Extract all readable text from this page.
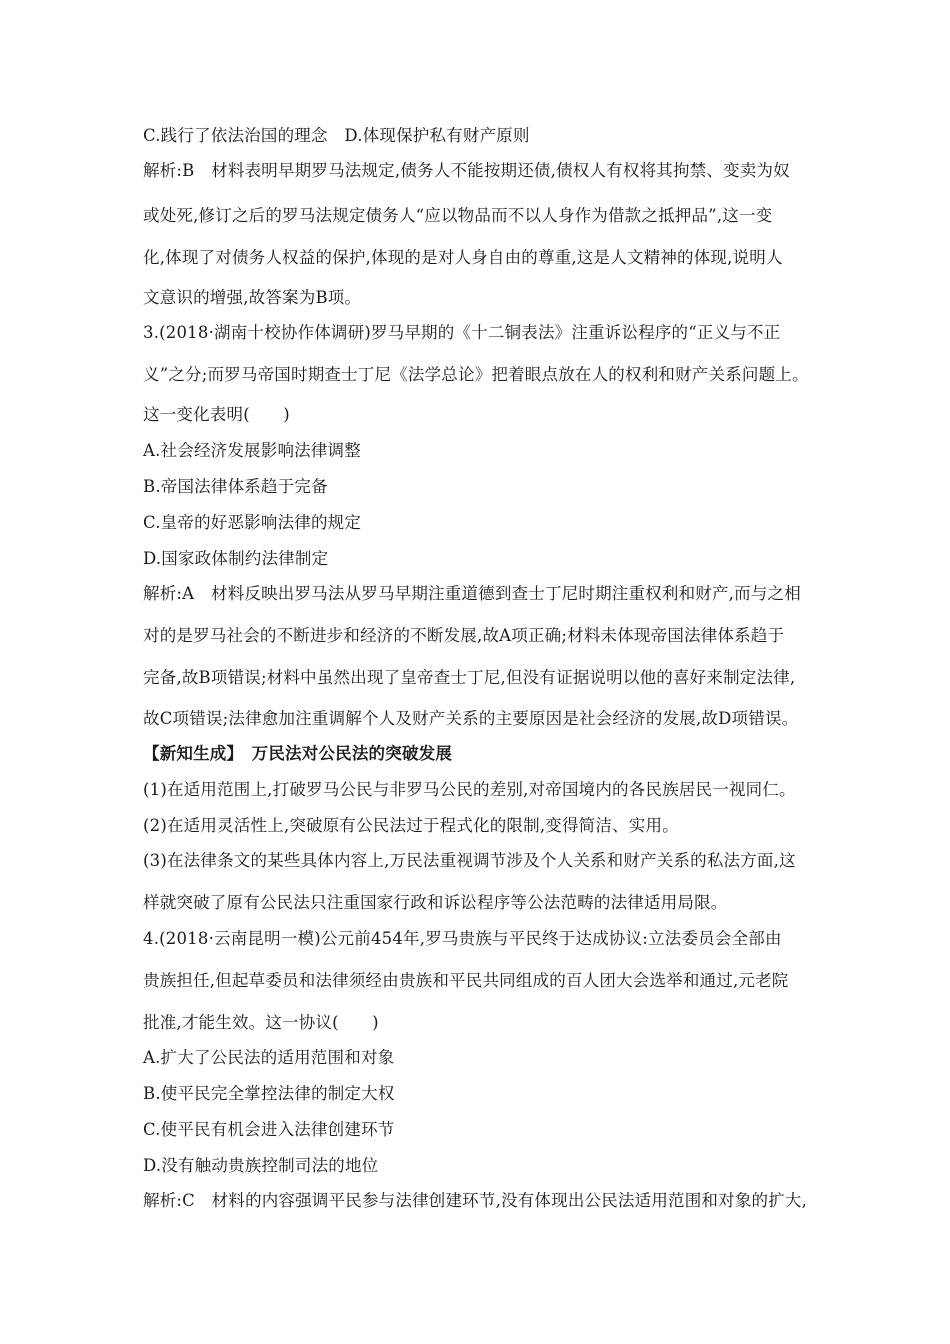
C.践行了依法治国的理念　D.体现保护私有财产原则
解析:B　材料表明早期罗马法规定,债务人不能按期还债,债权人有权将其拘禁、变卖为奴
或处死,修订之后的罗马法规定债务人“应以物品而不以人身作为借款之抵押品”,这一变
化,体现了对债务人权益的保护,体现的是对人身自由的尊重,这是人文精神的体现,说明人
文意识的增强,故答案为B项。
3.(2018·湖南十校协作体调研)罗马早期的《十二铜表法》注重诉讼程序的“正义与不正
义”之分;而罗马帝国时期查士丁尼《法学总论》把着眼点放在人的权利和财产关系问题上。
这一变化表明(　　)
A.社会经济发展影响法律调整
B.帝国法律体系趋于完备
C.皇帝的好恶影响法律的规定
D.国家政体制约法律制定
解析:A　材料反映出罗马法从罗马早期注重道德到查士丁尼时期注重权利和财产,而与之相
对的是罗马社会的不断进步和经济的不断发展,故A项正确;材料未体现帝国法律体系趋于
完备,故B项错误;材料中虽然出现了皇帝查士丁尼,但没有证据说明以他的喜好来制定法律,
故C项错误;法律愈加注重调解个人及财产关系的主要原因是社会经济的发展,故D项错误。
【新知生成】　万民法对公民法的突破发展
(1)在适用范围上,打破罗马公民与非罗马公民的差别,对帝国境内的各民族居民一视同仁。
(2)在适用灵活性上,突破原有公民法过于程式化的限制,变得简洁、实用。
(3)在法律条文的某些具体内容上,万民法重视调节涉及个人关系和财产关系的私法方面,这
样就突破了原有公民法只注重国家行政和诉讼程序等公法范畴的法律适用局限。
4.(2018·云南昆明一模)公元前454年,罗马贵族与平民终于达成协议:立法委员会全部由
贵族担任,但起草委员和法律须经由贵族和平民共同组成的百人团大会选举和通过,元老院
批准,才能生效。这一协议(　　)
A.扩大了公民法的适用范围和对象
B.使平民完全掌控法律的制定大权
C.使平民有机会进入法律创建环节
D.没有触动贵族控制司法的地位
解析:C　材料的内容强调平民参与法律创建环节,没有体现出公民法适用范围和对象的扩大,
